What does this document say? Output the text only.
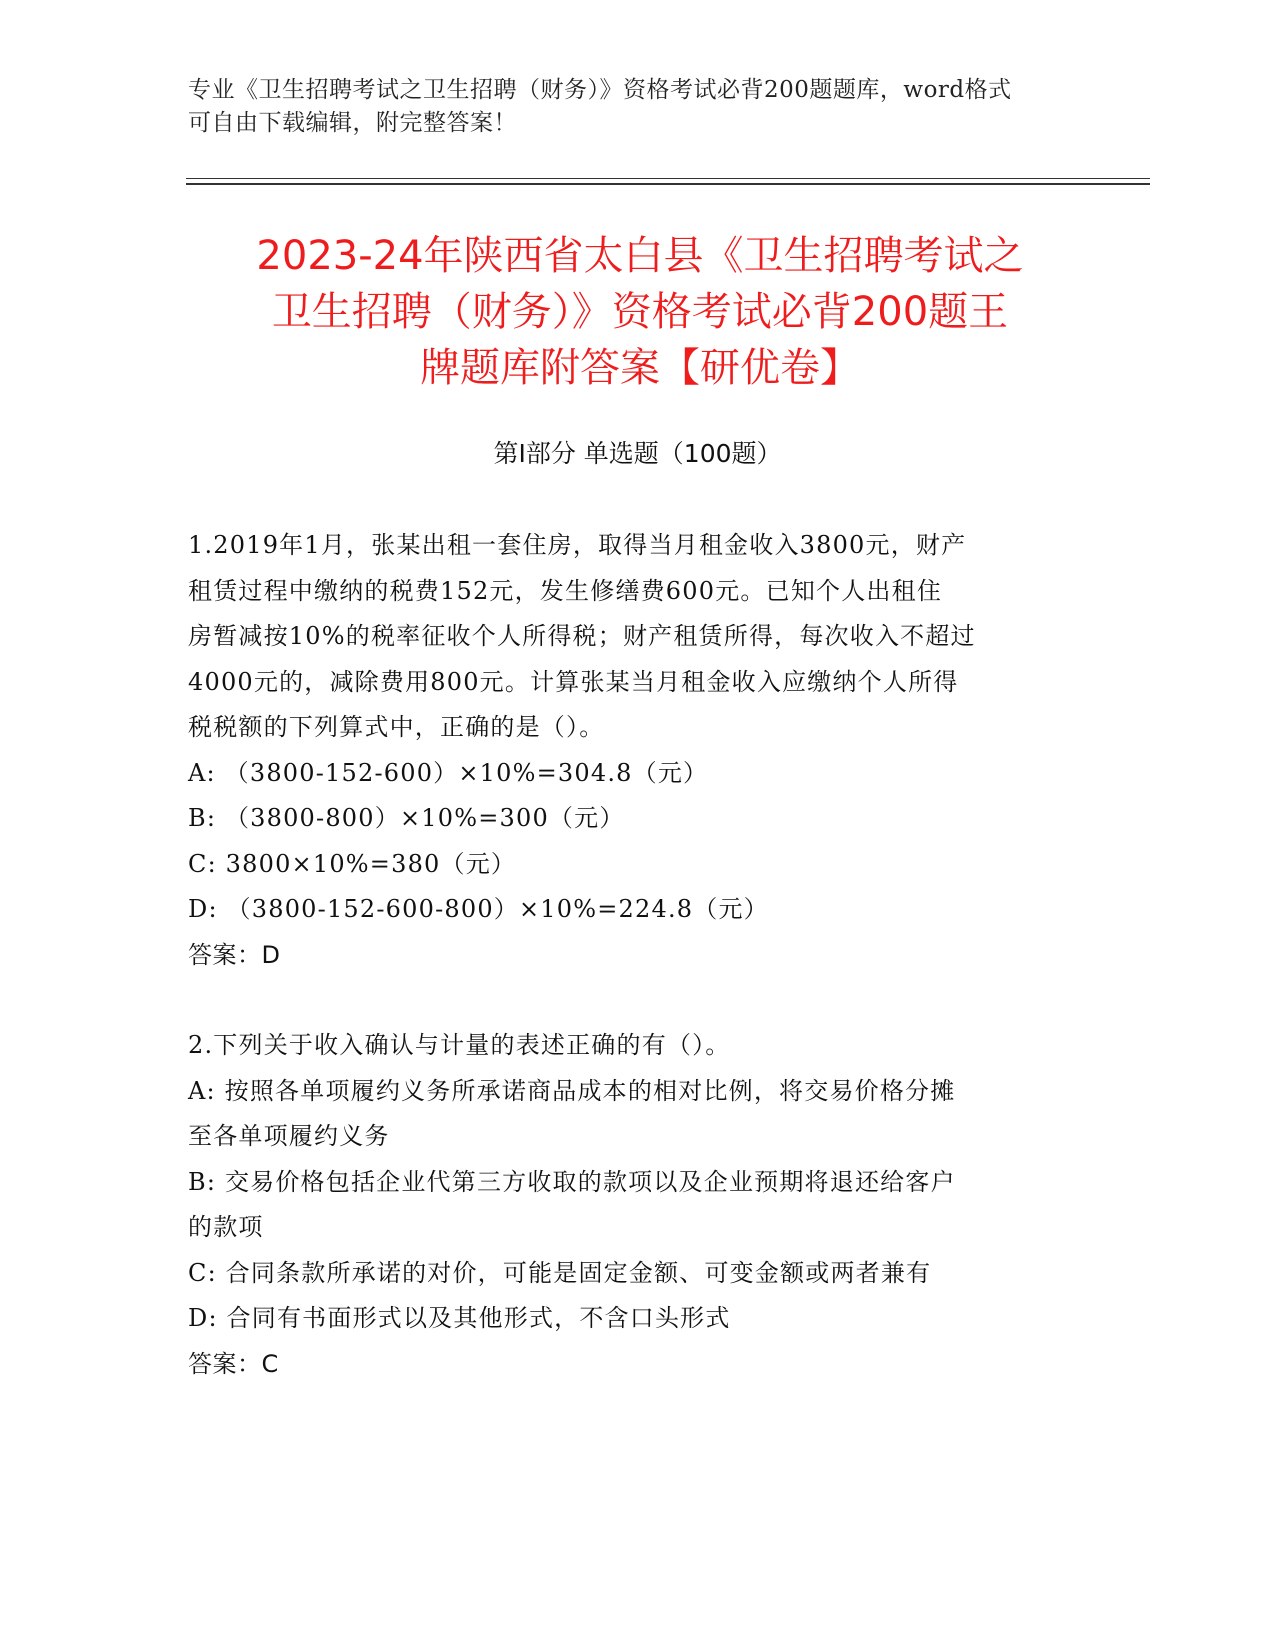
专业《卫生招聘考试之卫生招聘（财务）》资格考试必背200题题库，word格式
可自由下载编辑，附完整答案！
2023-24年陕西省太白县《卫生招聘考试之
卫生招聘（财务）》资格考试必背200题王
牌题库附答案【研优卷】
第Ⅰ部分 单选题（100题）
1.2019年1月，张某出租一套住房，取得当月租金收入3800元，财产
租赁过程中缴纳的税费152元，发生修缮费600元。已知个人出租住
房暂减按10%的税率征收个人所得税；财产租赁所得，每次收入不超过
4000元的，减除费用800元。计算张某当月租金收入应缴纳个人所得
税税额的下列算式中，正确的是（）。
A: （3800-152-600）×10%=304.8（元）
B: （3800-800）×10%=300（元）
C: 3800×10%=380（元）
D: （3800-152-600-800）×10%=224.8（元）
答案：D
2.下列关于收入确认与计量的表述正确的有（）。
A: 按照各单项履约义务所承诺商品成本的相对比例，将交易价格分摊
至各单项履约义务
B: 交易价格包括企业代第三方收取的款项以及企业预期将退还给客户
的款项
C: 合同条款所承诺的对价，可能是固定金额、可变金额或两者兼有
D: 合同有书面形式以及其他形式，不含口头形式
答案：C
